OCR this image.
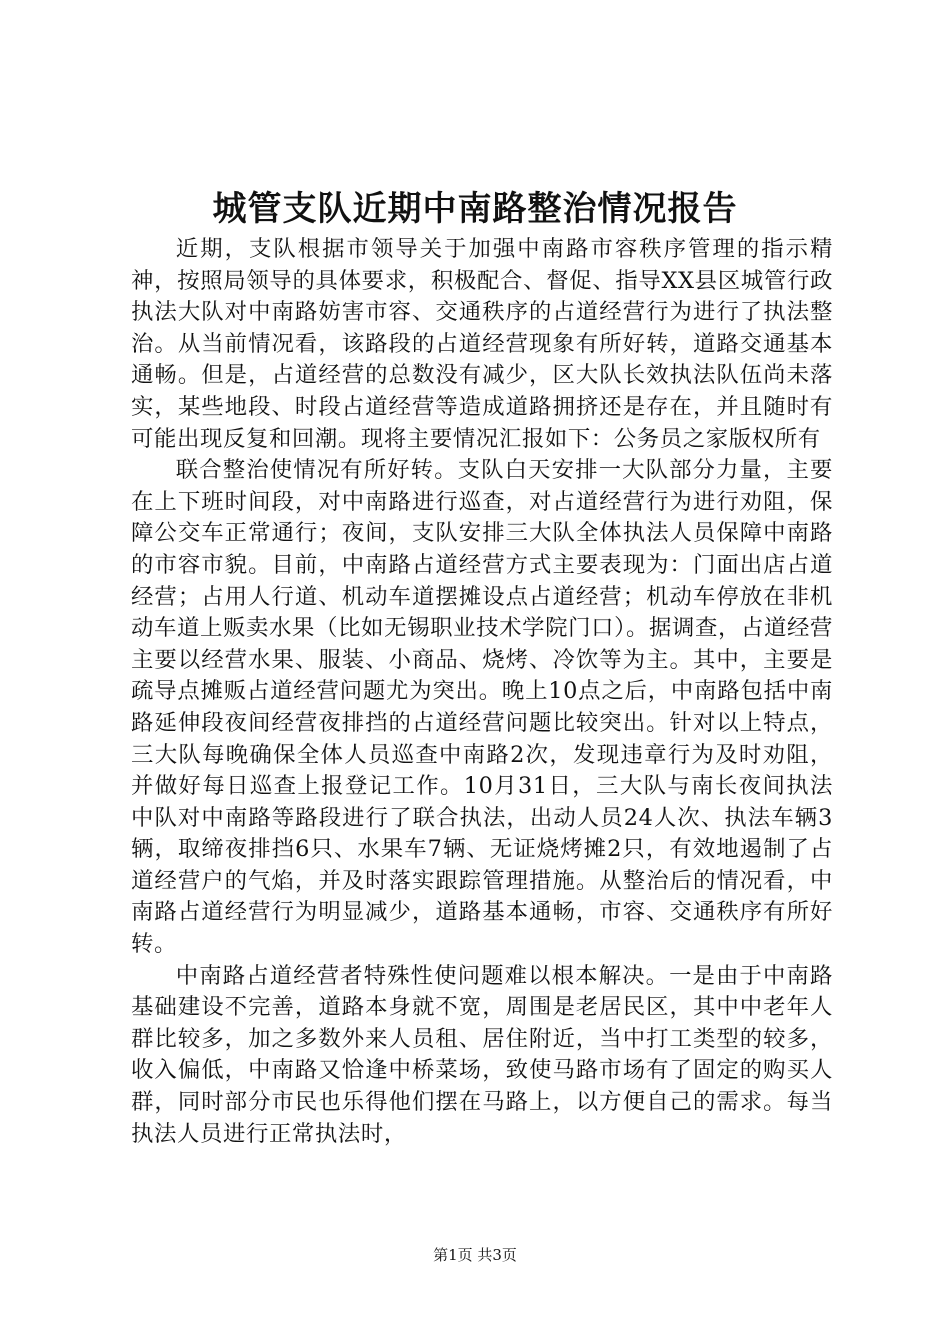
城管支队近期中南路整治情况报告

近期，支队根据市领导关于加强中南路市容秩序管理的指示精神，按照局领导的具体要求，积极配合、督促、指导XX县区城管行政执法大队对中南路妨害市容、交通秩序的占道经营行为进行了执法整治。从当前情况看，该路段的占道经营现象有所好转，道路交通基本通畅。但是，占道经营的总数没有减少，区大队长效执法队伍尚未落实，某些地段、时段占道经营等造成道路拥挤还是存在，并且随时有可能出现反复和回潮。现将主要情况汇报如下：公务员之家版权所有

联合整治使情况有所好转。支队白天安排一大队部分力量，主要在上下班时间段，对中南路进行巡查，对占道经营行为进行劝阻，保障公交车正常通行；夜间，支队安排三大队全体执法人员保障中南路的市容市貌。目前，中南路占道经营方式主要表现为：门面出店占道经营；占用人行道、机动车道摆摊设点占道经营；机动车停放在非机动车道上贩卖水果（比如无锡职业技术学院门口）。据调查，占道经营主要以经营水果、服装、小商品、烧烤、冷饮等为主。其中，主要是疏导点摊贩占道经营问题尤为突出。晚上10点之后，中南路包括中南路延伸段夜间经营夜排挡的占道经营问题比较突出。针对以上特点，三大队每晚确保全体人员巡查中南路2次，发现违章行为及时劝阻，并做好每日巡查上报登记工作。10月31日，三大队与南长夜间执法中队对中南路等路段进行了联合执法，出动人员24人次、执法车辆3辆，取缔夜排挡6只、水果车7辆、无证烧烤摊2只，有效地遏制了占道经营户的气焰，并及时落实跟踪管理措施。从整治后的情况看，中南路占道经营行为明显减少，道路基本通畅，市容、交通秩序有所好转。

中南路占道经营者特殊性使问题难以根本解决。一是由于中南路基础建设不完善，道路本身就不宽，周围是老居民区，其中中老年人群比较多，加之多数外来人员租、居住附近，当中打工类型的较多，收入偏低，中南路又恰逢中桥菜场，致使马路市场有了固定的购买人群，同时部分市民也乐得他们摆在马路上，以方便自己的需求。每当执法人员进行正常执法时，

第1页 共3页
